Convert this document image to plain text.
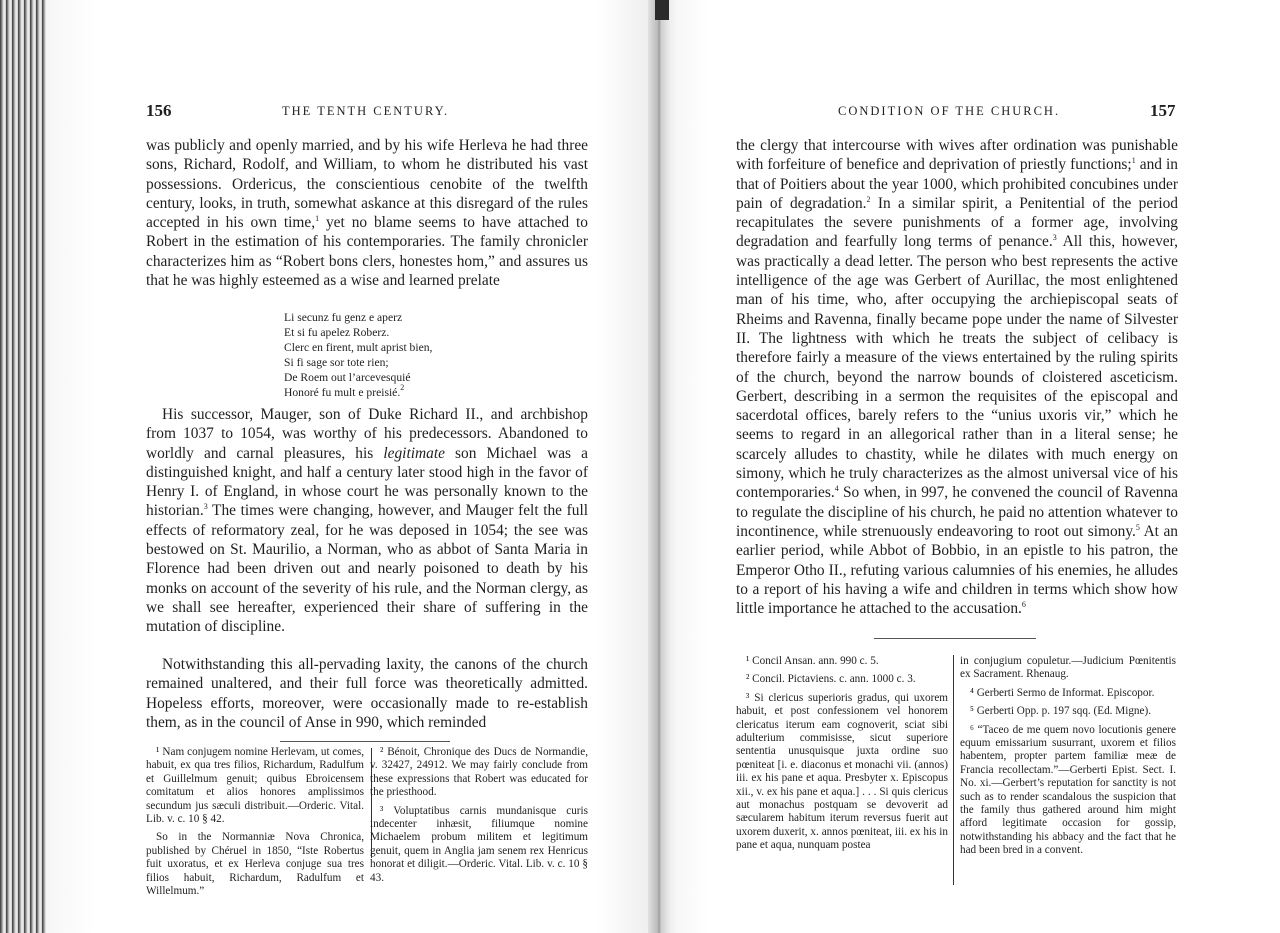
156	THE TENTH CENTURY.

was publicly and openly married, and by his wife Herleva he had three sons, Richard, Rodolf, and William, to whom he distributed his vast possessions. Ordericus, the conscientious cenobite of the twelfth century, looks, in truth, somewhat askance at this disregard of the rules accepted in his own time,$^1$ yet no blame seems to have attached to Robert in the estimation of his contemporaries. The family chronicler characterizes him as “Robert bons clers, honestes hom,” and assures us that he was highly esteemed as a wise and learned prelate

Li secunz fu genz e aperz
Et si fu apelez Roberz.
Clerc en firent, mult aprist bien,
Si fi sage sor tote rien;
De Roem out l’arcevesquié
Honoré fu mult e preisié.$^2$

His successor, Mauger, son of Duke Richard II., and archbishop from 1037 to 1054, was worthy of his predecessors. Abandoned to worldly and carnal pleasures, his legitimate son Michael was a distinguished knight, and half a century later stood high in the favor of Henry I. of England, in whose court he was personally known to the historian.$^3$ The times were changing, however, and Mauger felt the full effects of reformatory zeal, for he was deposed in 1054; the see was bestowed on St. Maurilio, a Norman, who as abbot of Santa Maria in Florence had been driven out and nearly poisoned to death by his monks on account of the severity of his rule, and the Norman clergy, as we shall see hereafter, experienced their share of suffering in the mutation of discipline.

Notwithstanding this all-pervading laxity, the canons of the church remained unaltered, and their full force was theoretically admitted. Hopeless efforts, moreover, were occasionally made to re-establish them, as in the council of Anse in 990, which reminded

¹ Nam conjugem nomine Herlevam, ut comes, habuit, ex qua tres filios, Richardum, Radulfum et Guillelmum genuit; quibus Ebroicensem comitatum et alios honores amplissimos secundum jus sæculi distribuit.—Orderic. Vital. Lib. v. c. 10 § 42.

So in the Normanniæ Nova Chronica, published by Chéruel in 1850, “Iste Robertus fuit uxoratus, et ex Herleva conjuge sua tres filios habuit, Richardum, Radulfum et Willelmum.”

² Bénoit, Chronique des Ducs de Normandie, v. 32427, 24912. We may fairly conclude from these expressions that Robert was educated for the priesthood.

³ Voluptatibus carnis mundanisque curis indecenter inhæsit, filiumque nomine Michaelem probum militem et legitimum genuit, quem in Anglia jam senem rex Henricus honorat et diligit.—Orderic. Vital. Lib. v. c. 10 § 43.

CONDITION OF THE CHURCH.	157

the clergy that intercourse with wives after ordination was punishable with forfeiture of benefice and deprivation of priestly functions;$^1$ and in that of Poitiers about the year 1000, which prohibited concubines under pain of degradation.$^2$ In a similar spirit, a Penitential of the period recapitulates the severe punishments of a former age, involving degradation and fearfully long terms of penance.$^3$ All this, however, was practically a dead letter. The person who best represents the active intelligence of the age was Gerbert of Aurillac, the most enlightened man of his time, who, after occupying the archiepiscopal seats of Rheims and Ravenna, finally became pope under the name of Silvester II. The lightness with which he treats the subject of celibacy is therefore fairly a measure of the views entertained by the ruling spirits of the church, beyond the narrow bounds of cloistered asceticism. Gerbert, describing in a sermon the requisites of the episcopal and sacerdotal offices, barely refers to the “unius uxoris vir,” which he seems to regard in an allegorical rather than in a literal sense; he scarcely alludes to chastity, while he dilates with much energy on simony, which he truly characterizes as the almost universal vice of his contemporaries.$^4$ So when, in 997, he convened the council of Ravenna to regulate the discipline of his church, he paid no attention whatever to incontinence, while strenuously endeavoring to root out simony.$^5$ At an earlier period, while Abbot of Bobbio, in an epistle to his patron, the Emperor Otho II., refuting various calumnies of his enemies, he alludes to a report of his having a wife and children in terms which show how little importance he attached to the accusation.$^6$

¹ Concil Ansan. ann. 990 c. 5.

² Concil. Pictaviens. c. ann. 1000 c. 3.

³ Si clericus superioris gradus, qui uxorem habuit, et post confessionem vel honorem clericatus iterum eam cognoverit, sciat sibi adulterium commisisse, sicut superiore sententia unusquisque juxta ordine suo pœniteat [i. e. diaconus et monachi vii. (annos) iii. ex his pane et aqua. Presbyter x. Episcopus xii., v. ex his pane et aqua.] . . . Si quis clericus aut monachus postquam se devoverit ad sæcularem habitum iterum reversus fuerit aut uxorem duxerit, x. annos pœniteat, iii. ex his in pane et aqua, nunquam postea

in conjugium copuletur.—Judicium Pœnitentis ex Sacrament. Rhenaug.

⁴ Gerberti Sermo de Informat. Episcopor.

⁵ Gerberti Opp. p. 197 sqq. (Ed. Migne).

⁶ “Taceo de me quem novo locutionis genere equum emissarium susurrant, uxorem et filios habentem, propter partem familiæ meæ de Francia recollectam.”—Gerberti Epist. Sect. I. No. xi.—Gerbert’s reputation for sanctity is not such as to render scandalous the suspicion that the family thus gathered around him might afford legitimate occasion for gossip, notwithstanding his abbacy and the fact that he had been bred in a convent.
